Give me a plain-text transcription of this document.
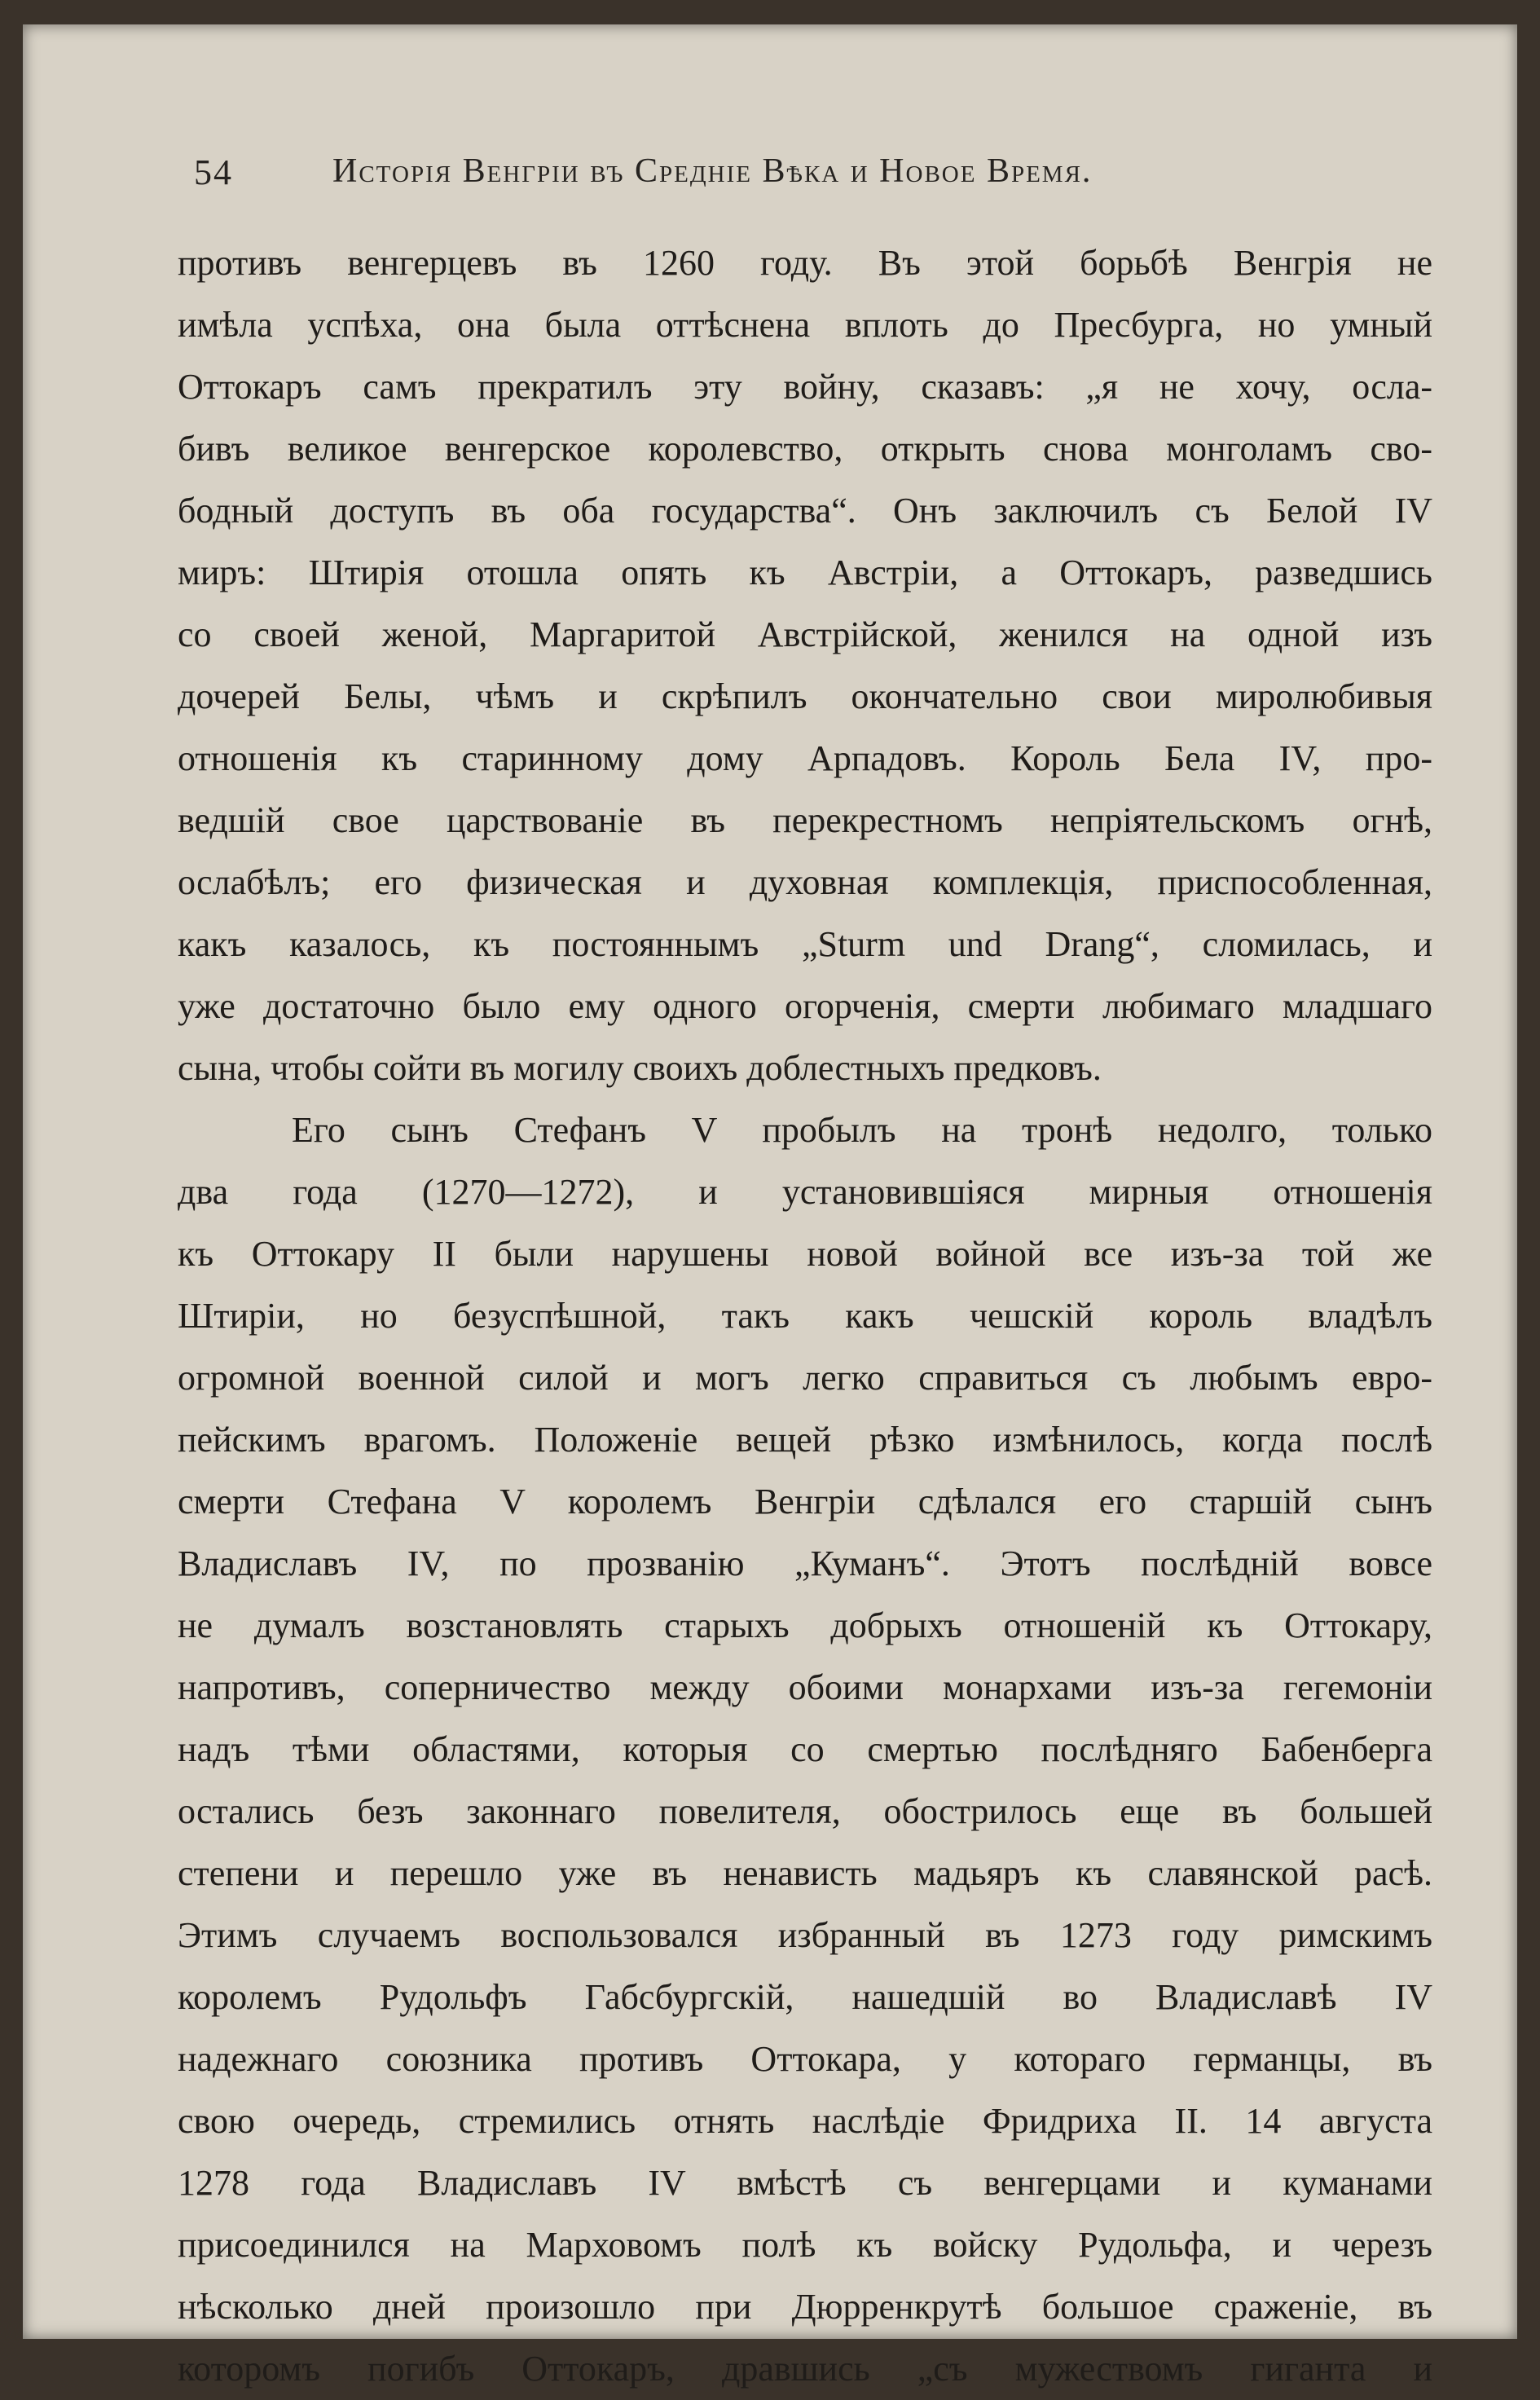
54	Исторія Венгріи въ Средніе Вѣка и Новое Время.
противъ венгерцевъ въ 1260 году. Въ этой борьбѣ Венгрія не
имѣла успѣха, она была оттѣснена вплоть до Пресбурга, но умный
Оттокаръ самъ прекратилъ эту войну, сказавъ: „я не хочу, осла-
бивъ великое венгерское королевство, открыть снова монголамъ сво-
бодный доступъ въ оба государства“. Онъ заключилъ съ Белой IV
миръ: Штирія отошла опять къ Австріи, а Оттокаръ, разведшись
со своей женой, Маргаритой Австрійской, женился на одной изъ
дочерей Белы, чѣмъ и скрѣпилъ окончательно свои миролюбивыя
отношенія къ старинному дому Арпадовъ. Король Бела IV, про-
ведшій свое царствованіе въ перекрестномъ непріятельскомъ огнѣ,
ослабѣлъ; его физическая и духовная комплекція, приспособленная,
какъ казалось, къ постояннымъ „Sturm und Drang“, сломилась, и
уже достаточно было ему одного огорченія, смерти любимаго младшаго
сына, чтобы сойти въ могилу своихъ доблестныхъ предковъ.
Его сынъ Стефанъ V пробылъ на тронѣ недолго, только
два года (1270—1272), и установившіяся мирныя отношенія
къ Оттокару II были нарушены новой войной все изъ-за той же
Штиріи, но безуспѣшной, такъ какъ чешскій король владѣлъ
огромной военной силой и могъ легко справиться съ любымъ евро-
пейскимъ врагомъ. Положеніе вещей рѣзко измѣнилось, когда послѣ
смерти Стефана V королемъ Венгріи сдѣлался его старшій сынъ
Владиславъ IV, по прозванію „Куманъ“. Этотъ послѣдній вовсе
не думалъ возстановлять старыхъ добрыхъ отношеній къ Оттокару,
напротивъ, соперничество между обоими монархами изъ-за гегемоніи
надъ тѣми областями, которыя со смертью послѣдняго Бабенберга
остались безъ законнаго повелителя, обострилось еще въ большей
степени и перешло уже въ ненависть мадьяръ къ славянской расѣ.
Этимъ случаемъ воспользовался избранный въ 1273 году римскимъ
королемъ Рудольфъ Габсбургскій, нашедшій во Владиславѣ IV
надежнаго союзника противъ Оттокара, у котораго германцы, въ
свою очередь, стремились отнять наслѣдіе Фридриха II. 14 августа
1278 года Владиславъ IV вмѣстѣ съ венгерцами и куманами
присоединился на Марховомъ полѣ къ войску Рудольфа, и черезъ
нѣсколько дней произошло при Дюрренкрутѣ большое сраженіе, въ
которомъ погибъ Оттокаръ, дравшись „съ мужествомъ гиганта и
